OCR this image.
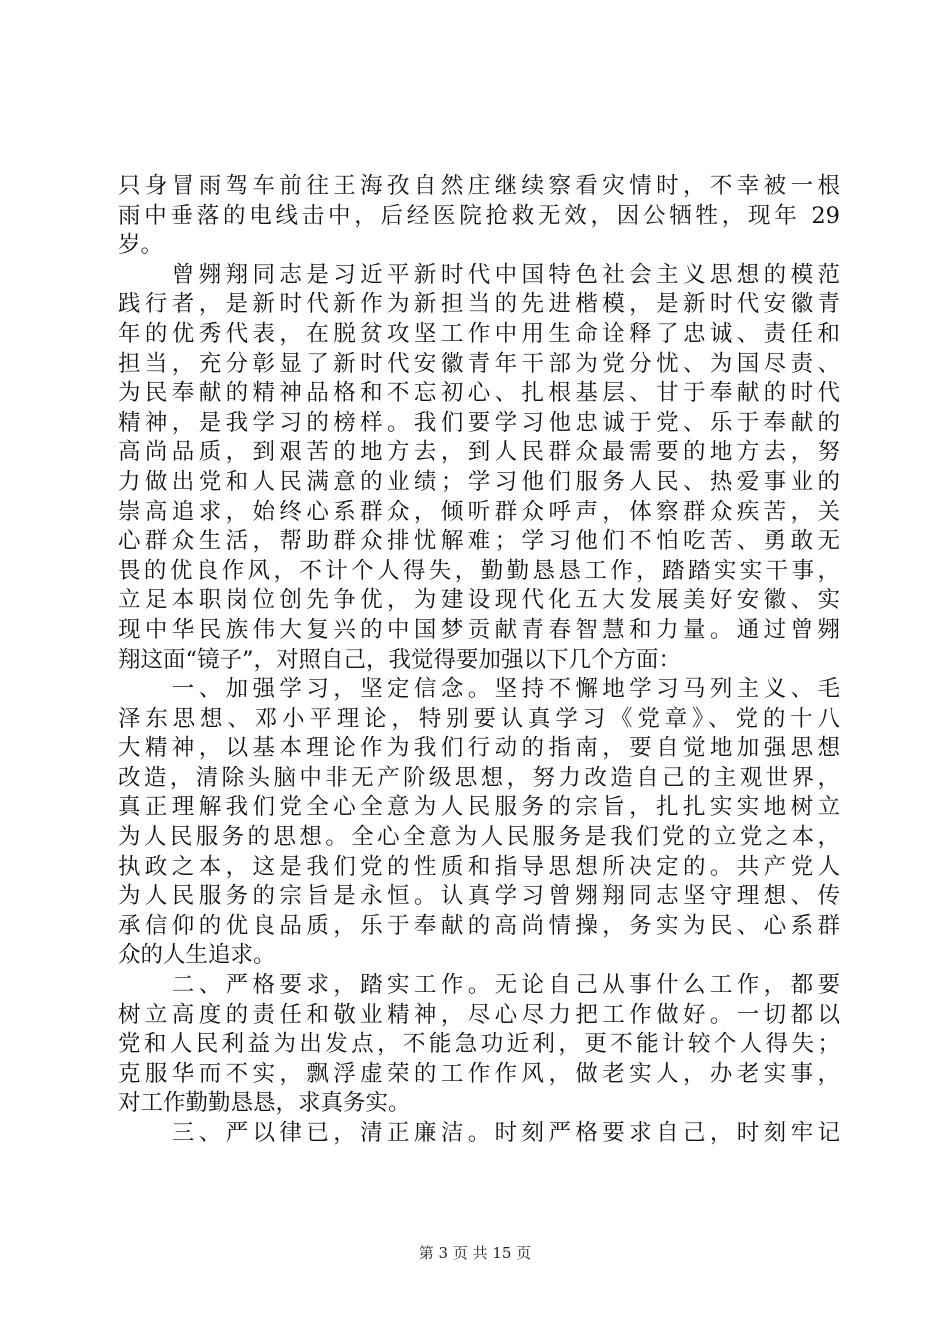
只身冒雨驾车前往王海孜自然庄继续察看灾情时，不幸被一根
雨中垂落的电线击中，后经医院抢救无效，因公牺牲，现年 29
岁。
　　曾翙翔同志是习近平新时代中国特色社会主义思想的模范
践行者，是新时代新作为新担当的先进楷模，是新时代安徽青
年的优秀代表，在脱贫攻坚工作中用生命诠释了忠诚、责任和
担当，充分彰显了新时代安徽青年干部为党分忧、为国尽责、
为民奉献的精神品格和不忘初心、扎根基层、甘于奉献的时代
精神，是我学习的榜样。我们要学习他忠诚于党、乐于奉献的
高尚品质，到艰苦的地方去，到人民群众最需要的地方去，努
力做出党和人民满意的业绩；学习他们服务人民、热爱事业的
崇高追求，始终心系群众，倾听群众呼声，体察群众疾苦，关
心群众生活，帮助群众排忧解难；学习他们不怕吃苦、勇敢无
畏的优良作风，不计个人得失，勤勤恳恳工作，踏踏实实干事，
立足本职岗位创先争优，为建设现代化五大发展美好安徽、实
现中华民族伟大复兴的中国梦贡献青春智慧和力量。通过曾翙
翔这面“镜子”，对照自己，我觉得要加强以下几个方面：
　　一、加强学习，坚定信念。坚持不懈地学习马列主义、毛
泽东思想、邓小平理论，特别要认真学习《党章》、党的十八
大精神，以基本理论作为我们行动的指南，要自觉地加强思想
改造，清除头脑中非无产阶级思想，努力改造自己的主观世界，
真正理解我们党全心全意为人民服务的宗旨，扎扎实实地树立
为人民服务的思想。全心全意为人民服务是我们党的立党之本，
执政之本，这是我们党的性质和指导思想所决定的。共产党人
为人民服务的宗旨是永恒。认真学习曾翙翔同志坚守理想、传
承信仰的优良品质，乐于奉献的高尚情操，务实为民、心系群
众的人生追求。
　　二、严格要求，踏实工作。无论自己从事什么工作，都要
树立高度的责任和敬业精神，尽心尽力把工作做好。一切都以
党和人民利益为出发点，不能急功近利，更不能计较个人得失；
克服华而不实，飘浮虚荣的工作作风，做老实人，办老实事，
对工作勤勤恳恳，求真务实。
　　三、严以律已，清正廉洁。时刻严格要求自己，时刻牢记
第 3 页 共 15 页
